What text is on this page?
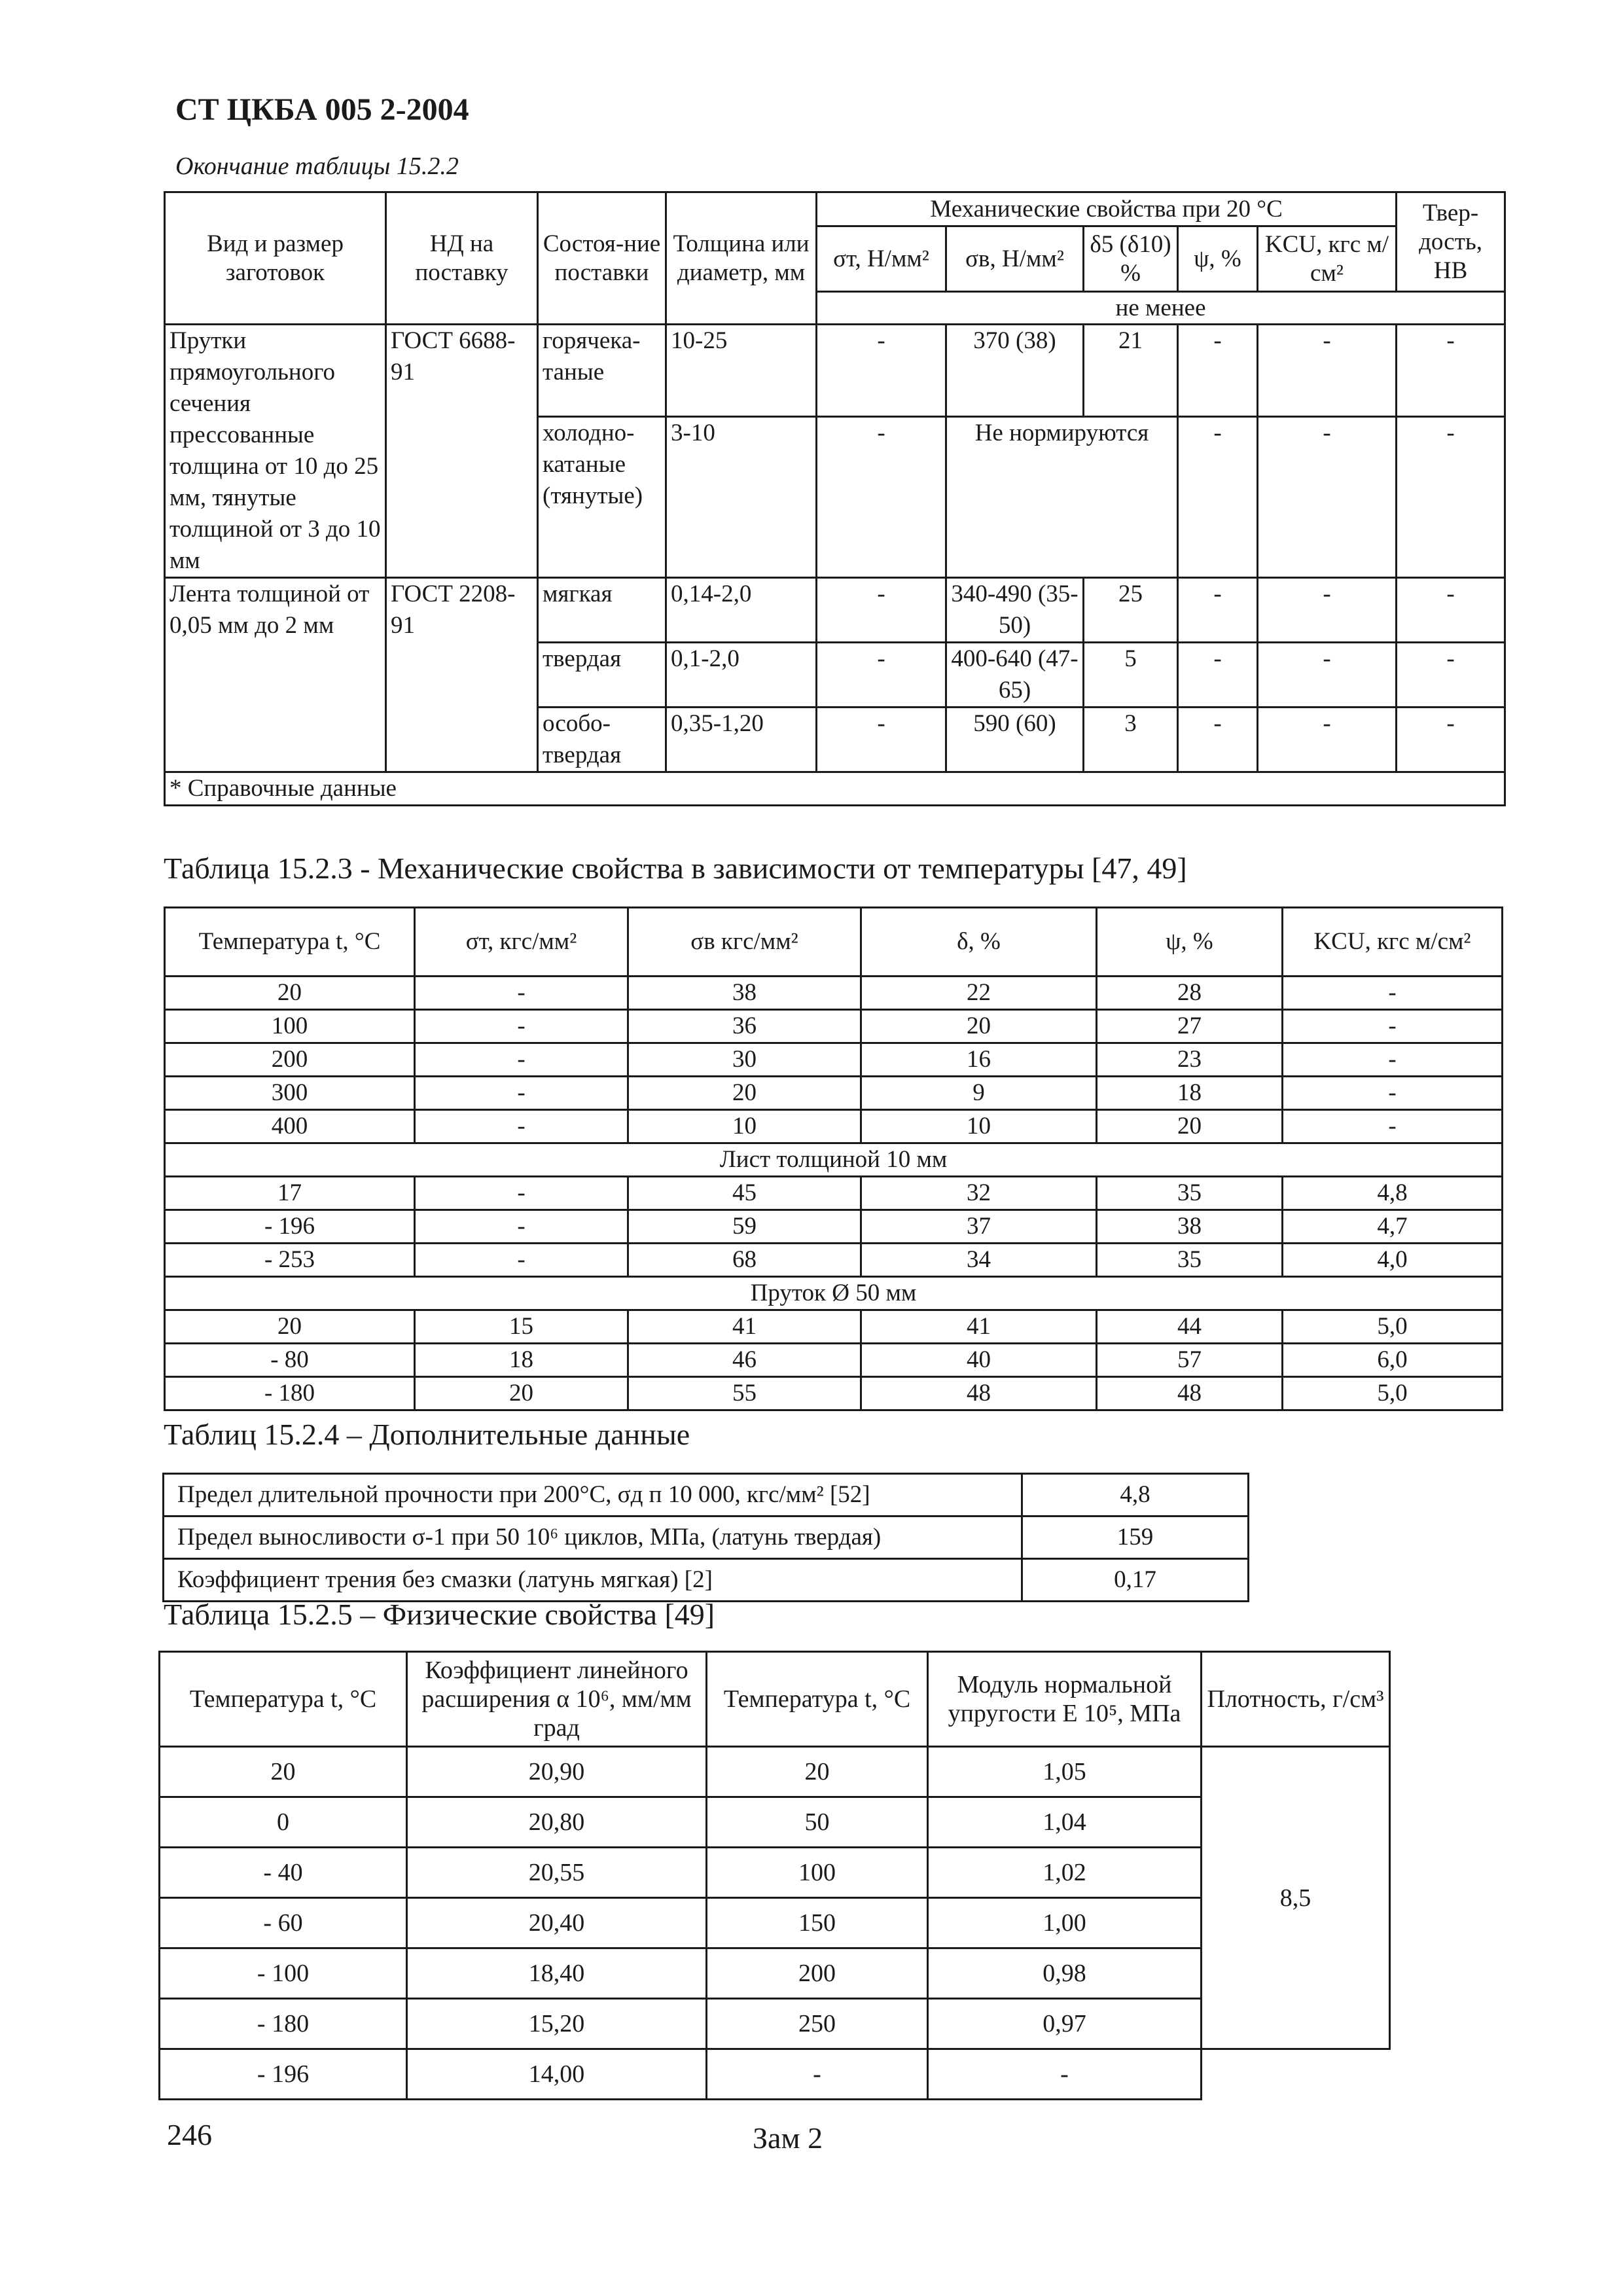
СТ ЦКБА 005 2-2004
Окончание таблицы 15.2.2
Вид и размер заготовок	НД на поставку	Состоя-ние поставки	Толщина или диаметр, мм	Механические свойства при 20 °С					Твер-дость, НВ
				σт, Н/мм²	σв, Н/мм²	δ5 (δ10) %	ψ, %	KCU, кгс м/см²	
				не менее					
Прутки прямоугольного сечения прессованные толщина от 10 до 25 мм, тянутые толщиной от 3 до 10 мм	ГОСТ 6688-91	горячека-таные	10-25	-	370 (38)	21	-	-	-
		холодно-катаные (тянутые)	3-10	-	Не нормируются		-	-	-
Лента толщиной от 0,05 мм до 2 мм	ГОСТ 2208-91	мягкая	0,14-2,0	-	340-490 (35-50)	25	-	-	-
		твердая	0,1-2,0	-	400-640 (47-65)	5	-	-	-
		особо-твердая	0,35-1,20	-	590 (60)	3	-	-	-
* Справочные данные									
Таблица 15.2.3 - Механические свойства в зависимости от температуры [47, 49]
Температура t, °С	σт, кгс/мм²	σв кгс/мм²	δ, %	ψ, %	KCU, кгс м/см²
20	-	38	22	28	-
100	-	36	20	27	-
200	-	30	16	23	-
300	-	20	9	18	-
400	-	10	10	20	-
Лист толщиной 10 мм					
17	-	45	32	35	4,8
- 196	-	59	37	38	4,7
- 253	-	68	34	35	4,0
Пруток Ø 50 мм					
20	15	41	41	44	5,0
- 80	18	46	40	57	6,0
- 180	20	55	48	48	5,0
Таблиц 15.2.4 – Дополнительные данные
Предел длительной прочности при 200°С, σд п 10 000, кгс/мм² [52]	4,8
Предел выносливости σ-1 при 50 10⁶ циклов, МПа, (латунь твердая)	159
Коэффициент трения без смазки (латунь мягкая) [2]	0,17
Таблица 15.2.5 – Физические свойства [49]
Температура t, °С	Коэффициент линейного расширения α 10⁶, мм/мм град	Температура t, °С	Модуль нормальной упругости E 10⁵, МПа	Плотность, г/см³
20	20,90	20	1,05	8,5
0	20,80	50	1,04	
- 40	20,55	100	1,02	
- 60	20,40	150	1,00	
- 100	18,40	200	0,98	
- 180	15,20	250	0,97	
- 196	14,00	-	-	
246	Зам 2
